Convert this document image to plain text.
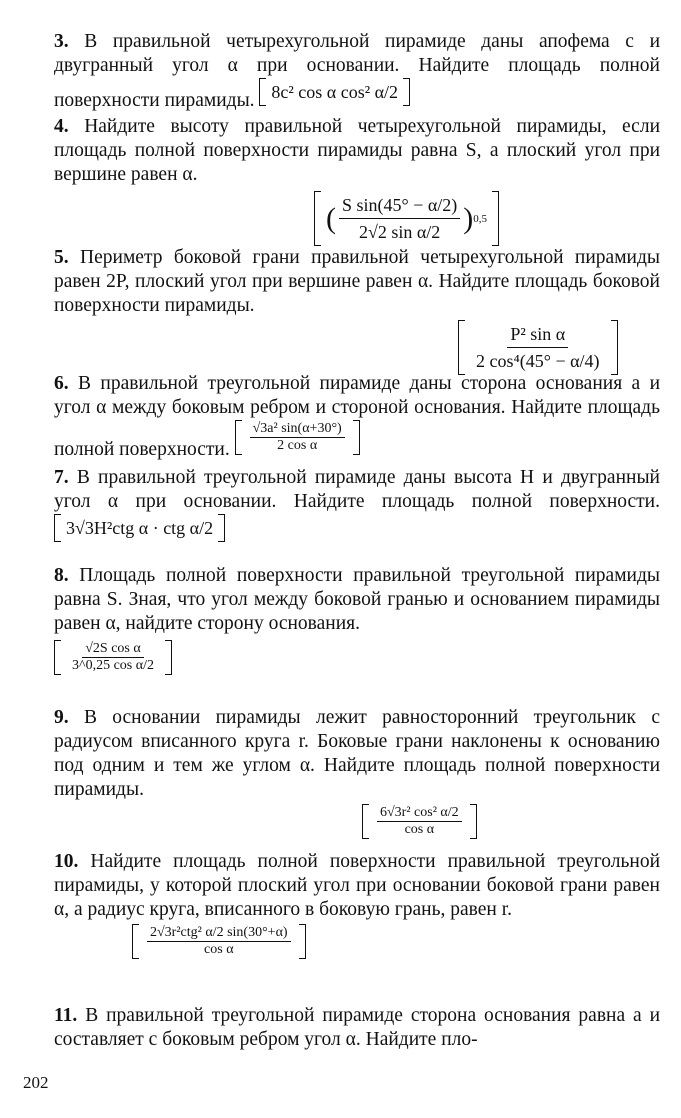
3. В правильной четырехугольной пирамиде даны апофема c и двугранный угол α при основании. Найдите площадь полной поверхности пирамиды. 8c² cos α cos² α/2

4. Найдите высоту правильной четырехугольной пирамиды, если площадь полной поверхности пирамиды равна S, а плоский угол при вершине равен α.

( $\frac{\text{S sin(45° − α/2)}}{\text{2√2 sin α/2}}$ ) 0,5

5. Периметр боковой грани правильной четырехугольной пирамиды равен 2P, плоский угол при вершине равен α. Найдите площадь боковой поверхности пирамиды.

$\frac{\text{P² sin α}}{\text{2 cos⁴(45° − α/4)}}$

6. В правильной треугольной пирамиде даны сторона основания a и угол α между боковым ребром и стороной основания. Найдите площадь полной поверхности. $\frac{\text{√3a² sin(α+30°)}}{\text{2 cos α}}$

7. В правильной треугольной пирамиде даны высота H и двугранный угол α при основании. Найдите площадь полной поверхности.
3√3H²ctg α · ctg α/2

8. Площадь полной поверхности правильной треугольной пирамиды равна S. Зная, что угол между боковой гранью и основанием пирамиды равен α, найдите сторону основания.

$\frac{\text{√2S cos α}}{\text{3\textasciicircum{}0,25 cos α/2}}$

9. В основании пирамиды лежит равносторонний треугольник с радиусом вписанного круга r. Боковые грани наклонены к основанию под одним и тем же углом α. Найдите площадь полной поверхности пирамиды.

$\frac{\text{6√3r² cos² α/2}}{\text{cos α}}$

10. Найдите площадь полной поверхности правильной треугольной пирамиды, у которой плоский угол при основании боковой грани равен α, а радиус круга, вписанного в боковую грань, равен r.

$\frac{\text{2√3r²ctg² α/2 sin(30°+α)}}{\text{cos α}}$

11. В правильной треугольной пирамиде сторона основания равна a и составляет с боковым ребром угол α. Найдите пло-

202
